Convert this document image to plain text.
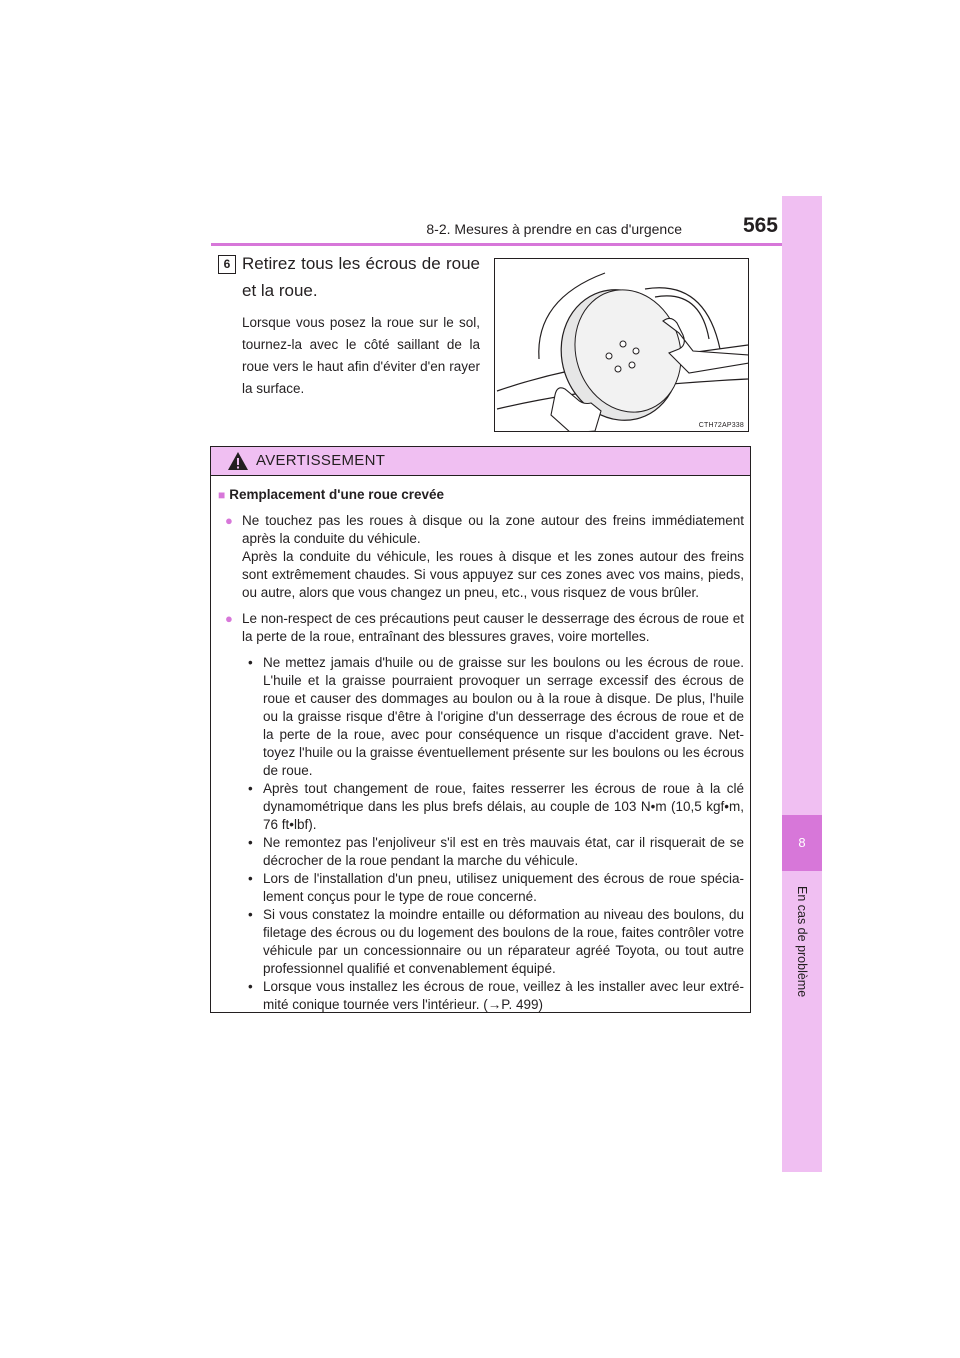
8-2. Mesures à prendre en cas d'urgence	565
8
En cas de problème
6 Retirez tous les écrous de roue et la roue.
Lorsque vous posez la roue sur le sol, tournez-la avec le côté saillant de la roue vers le haut afin d'éviter d'en rayer la surface.
CTH72AP338
AVERTISSEMENT
■ Remplacement d'une roue crevée
● Ne touchez pas les roues à disque ou la zone autour des freins immédiatement après la conduite du véhicule.

Après la conduite du véhicule, les roues à disque et les zones autour des freins sont extrêmement chaudes. Si vous appuyez sur ces zones avec vos mains, pieds, ou autre, alors que vous changez un pneu, etc., vous risquez de vous brûler.

● Le non-respect de ces précautions peut causer le desserrage des écrous de roue et la perte de la roue, entraînant des blessures graves, voire mortelles.

• Ne mettez jamais d'huile ou de graisse sur les boulons ou les écrous de roue. L'huile et la graisse pourraient provoquer un serrage excessif des écrous de roue et causer des dommages au boulon ou à la roue à disque. De plus, l'huile ou la graisse risque d'être à l'origine d'un desserrage des écrous de roue et de la perte de la roue, avec pour conséquence un risque d'accident grave. Net-toyez l'huile ou la graisse éventuellement présente sur les boulons ou les écrous de roue.
• Après tout changement de roue, faites resserrer les écrous de roue à la clé dynamométrique dans les plus brefs délais, au couple de 103 N•m (10,5 kgf•m, 76 ft•lbf).
• Ne remontez pas l'enjoliveur s'il est en très mauvais état, car il risquerait de se décrocher de la roue pendant la marche du véhicule.
• Lors de l'installation d'un pneu, utilisez uniquement des écrous de roue spécia-lement conçus pour le type de roue concerné.
• Si vous constatez la moindre entaille ou déformation au niveau des boulons, du filetage des écrous ou du logement des boulons de la roue, faites contrôler votre véhicule par un concessionnaire ou un réparateur agréé Toyota, ou tout autre professionnel qualifié et convenablement équipé.
• Lorsque vous installez les écrous de roue, veillez à les installer avec leur extré-mité conique tournée vers l'intérieur. (→P. 499)
